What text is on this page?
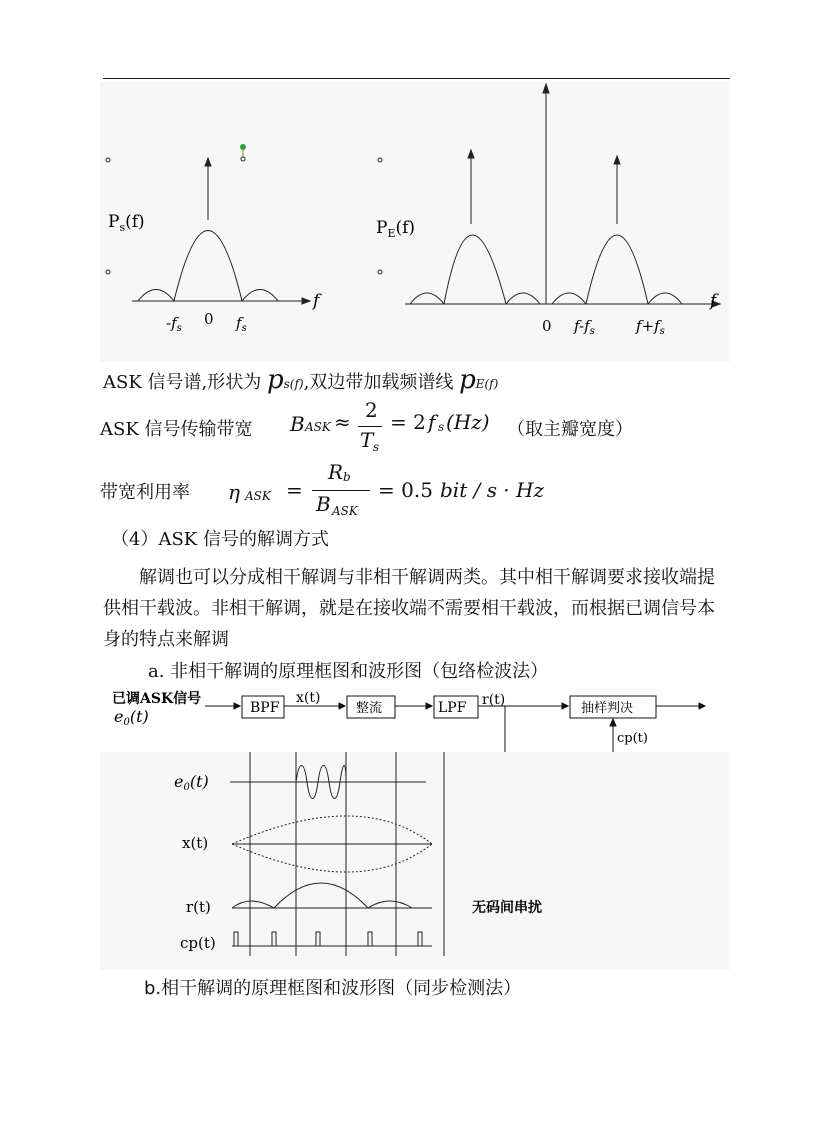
$P_s(f)$
f
$-f_s$
0 $f_s$
$P_E(f)$
f
0 $f-f_s$	$f+f_s$
ASK 信号谱,形状为 ps(f),双边带加载频谱线 pE(f)
ASK 信号传输带宽 B ASK ≈ 2
T s
= 2 f s (Hz) （取主瓣宽度）
带宽利用率 η ASK =
R b
B ASK
= 0.5 bit / s · Hz
（4）ASK 信号的解调方式
解调也可以分成相干解调与非相干解调两类。其中相干解调要求接收端提供相干载波。非相干解调，就是在接收端不需要相干载波，而根据已调信号本身的特点来解调
a. 非相干解调的原理框图和波形图（包络检波法）
已调ASK信号
e0(t)	BPF
x(t)
整流	LPF r(t)
抽样判决
cp(t)
x(t)
r(t)
cp(t)
无码间串扰
e0(t)
b.相干解调的原理框图和波形图（同步检测法）
